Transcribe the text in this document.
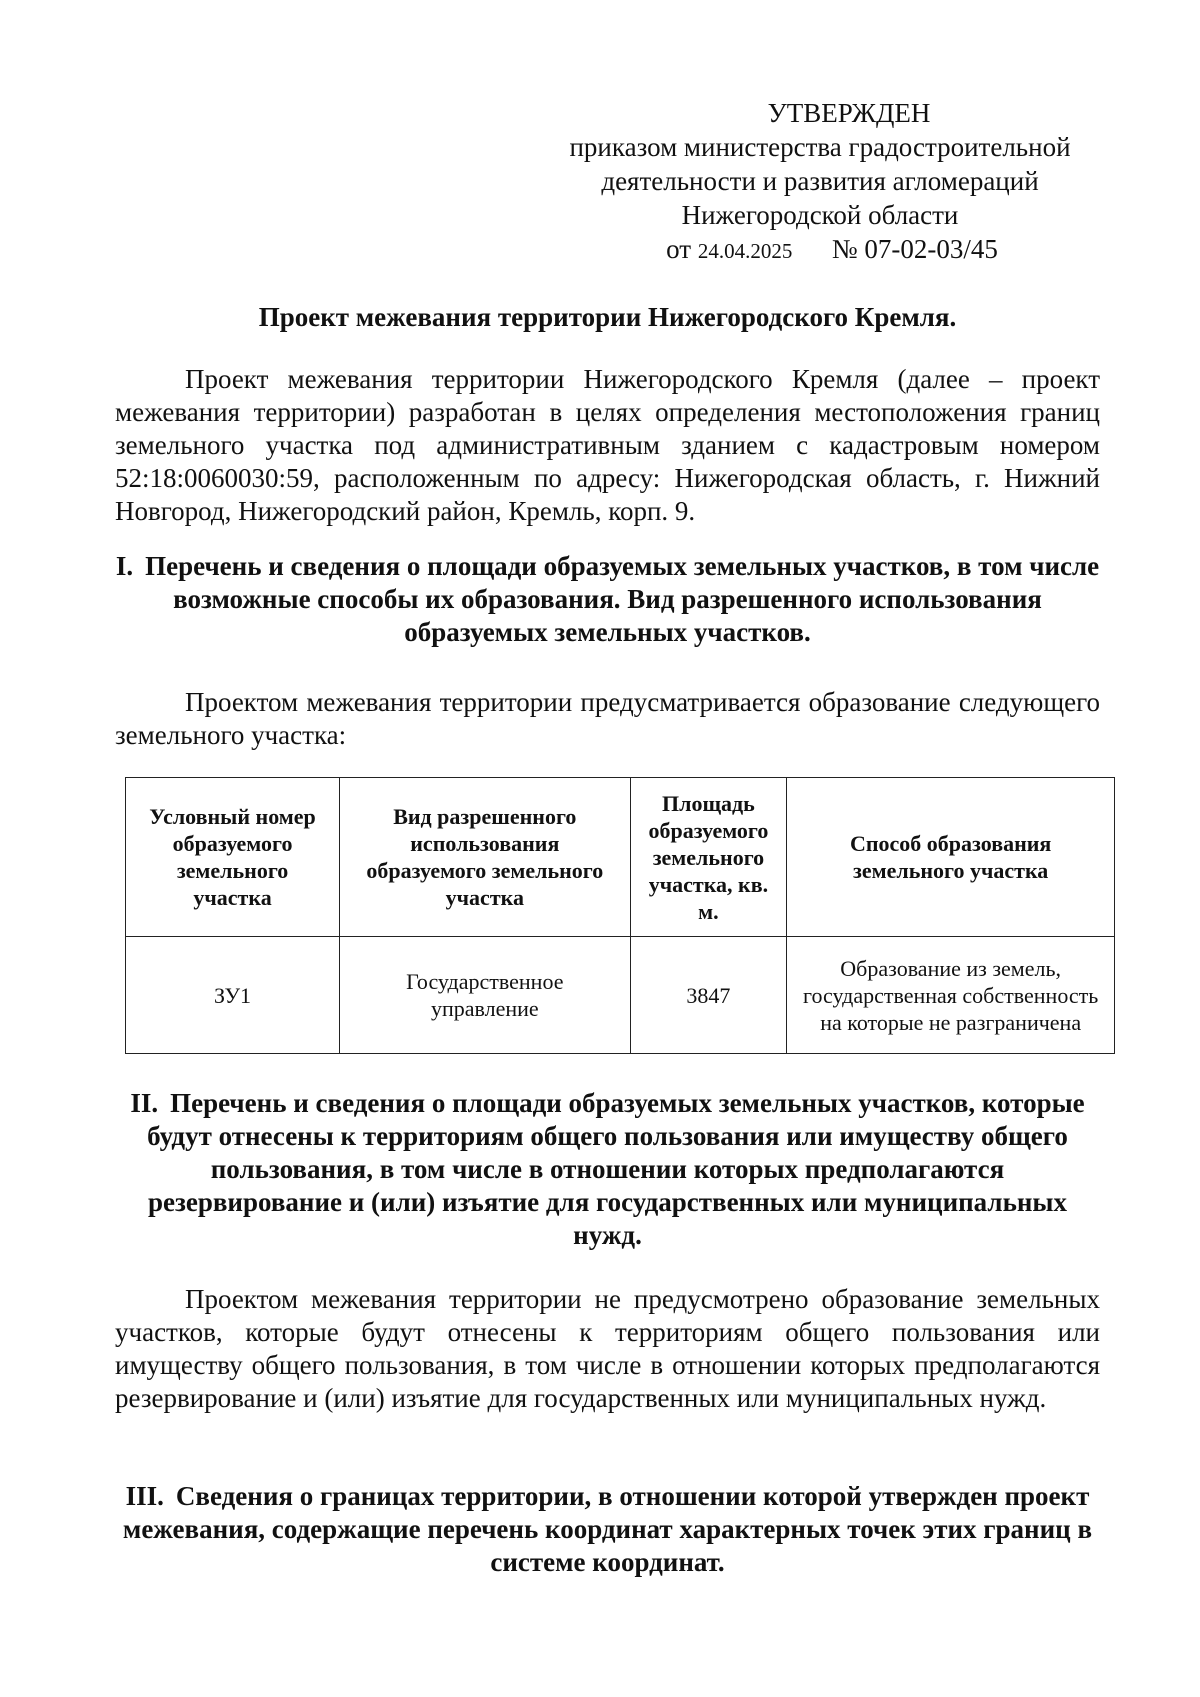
УТВЕРЖДЕН
приказом министерства градостроительной
деятельности и развития агломераций
Нижегородской области
от 24.04.2025 № 07-02-03/45
Проект межевания территории Нижегородского Кремля.
Проект межевания территории Нижегородского Кремля (далее – проект межевания территории) разработан в целях определения местоположения границ земельного участка под административным зданием с кадастровым номером 52:18:0060030:59, расположенным по адресу: Нижегородская область, г. Нижний Новгород, Нижегородский район, Кремль, корп. 9.
I. Перечень и сведения о площади образуемых земельных участков, в том числе возможные способы их образования. Вид разрешенного использования образуемых земельных участков.
Проектом межевания территории предусматривается образование следующего земельного участка:
Условный номер образуемого земельного участка	Вид разрешенного использования образуемого земельного участка	Площадь образуемого земельного участка, кв. м.	Способ образования земельного участка
ЗУ1	Государственное управление	3847	Образование из земель, государственная собственность на которые не разграничена
II. Перечень и сведения о площади образуемых земельных участков, которые будут отнесены к территориям общего пользования или имуществу общего пользования, в том числе в отношении которых предполагаются резервирование и (или) изъятие для государственных или муниципальных нужд.
Проектом межевания территории не предусмотрено образование земельных участков, которые будут отнесены к территориям общего пользования или имуществу общего пользования, в том числе в отношении которых предполагаются резервирование и (или) изъятие для государственных или муниципальных нужд.
III. Сведения о границах территории, в отношении которой утвержден проект межевания, содержащие перечень координат характерных точек этих границ в системе координат.
